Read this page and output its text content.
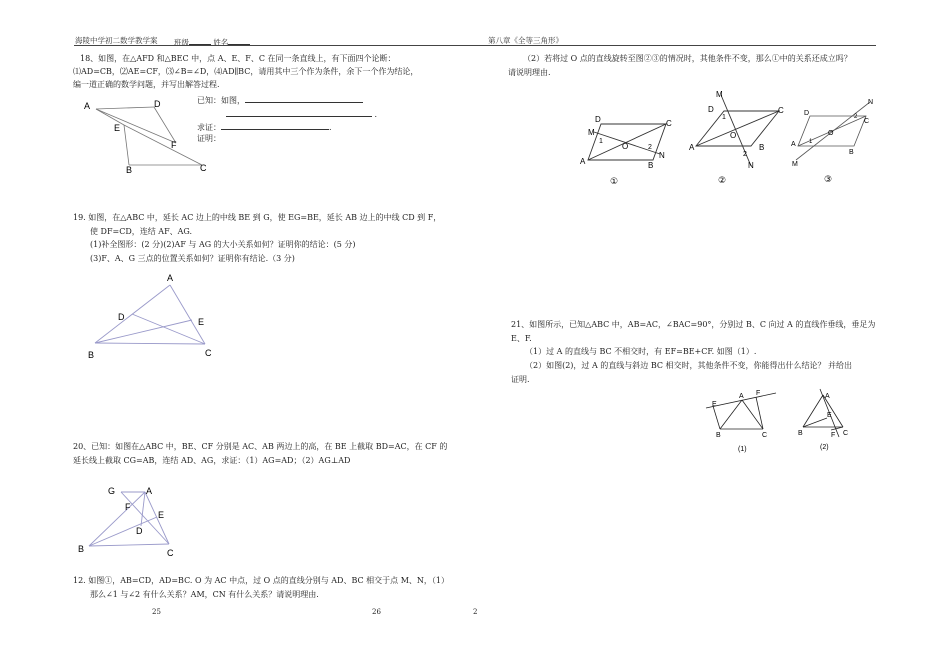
海陵中学初二数学教学案 班级	姓名	第八章《全等三角形》
18、如图，在△AFD 和△BEC 中，点 A、E、F、C 在同一条直线上，有下面四个论断：
⑴AD=CB，⑵AE=CF，⑶∠B=∠D，⑷AD∥BC，请用其中三个作为条件，余下一个作为结论，
编一道正确的数学问题，并写出解答过程.
已知：如图，
.
求证：	.
证明：
A	D
E
F
B	C
19. 如图，在△ABC 中，延长 AC 边上的中线 BE 到 G，使 EG=BE，延长 AB 边上的中线 CD 到 F，
使 DF=CD，连结 AF、AG.
(1)补全图形：(2 分)(2)AF 与 AG 的大小关系如何？证明你的结论：(5 分)
(3)F、A、G 三点的位置关系如何？证明你有结论.（3 分)
A
D	E
B	C
20、已知：如图在△ABC 中，BE、CF 分别是 AC、AB 两边上的高，在 BE 上截取 BD=AC，在 CF 的
延长线上截取 CG=AB，连结 AD、AG，求证：（1）AG=AD；（2）AG⊥AD
G	A
F
E
D
B	C
12. 如图①，AB=CD，AD=BC. O 为 AC 中点，过 O 点的直线分别与 AD、BC 相交于点 M、N，（1）
那么∠1 与∠2 有什么关系？AM，CN 有什么关系？请说明理由.
（2）若将过 O 点的直线旋转至图②③的情况时，其他条件不变，那么①中的关系还成立吗？
请说明理由.
D	C
M
1
O	2
N
A	B
①
M
D
1
C
O
A
2
B
N
②
N
D
C
O
1
2
A
B
M
③
21、如图所示，已知△ABC 中，AB=AC，∠BAC=90°，分别过 B、C 向过 A 的直线作垂线，垂足为
E、F.
（1）过 A 的直线与 BC 不相交时，有 EF=BE+CF. 如图（1）.
（2）如图(2)，过 A 的直线与斜边 BC 相交时，其他条件不变，你能得出什么结论？ 并给出
证明.
E
A F
B	C
(1)
A
E
B	F C
(2)
25	26	2
